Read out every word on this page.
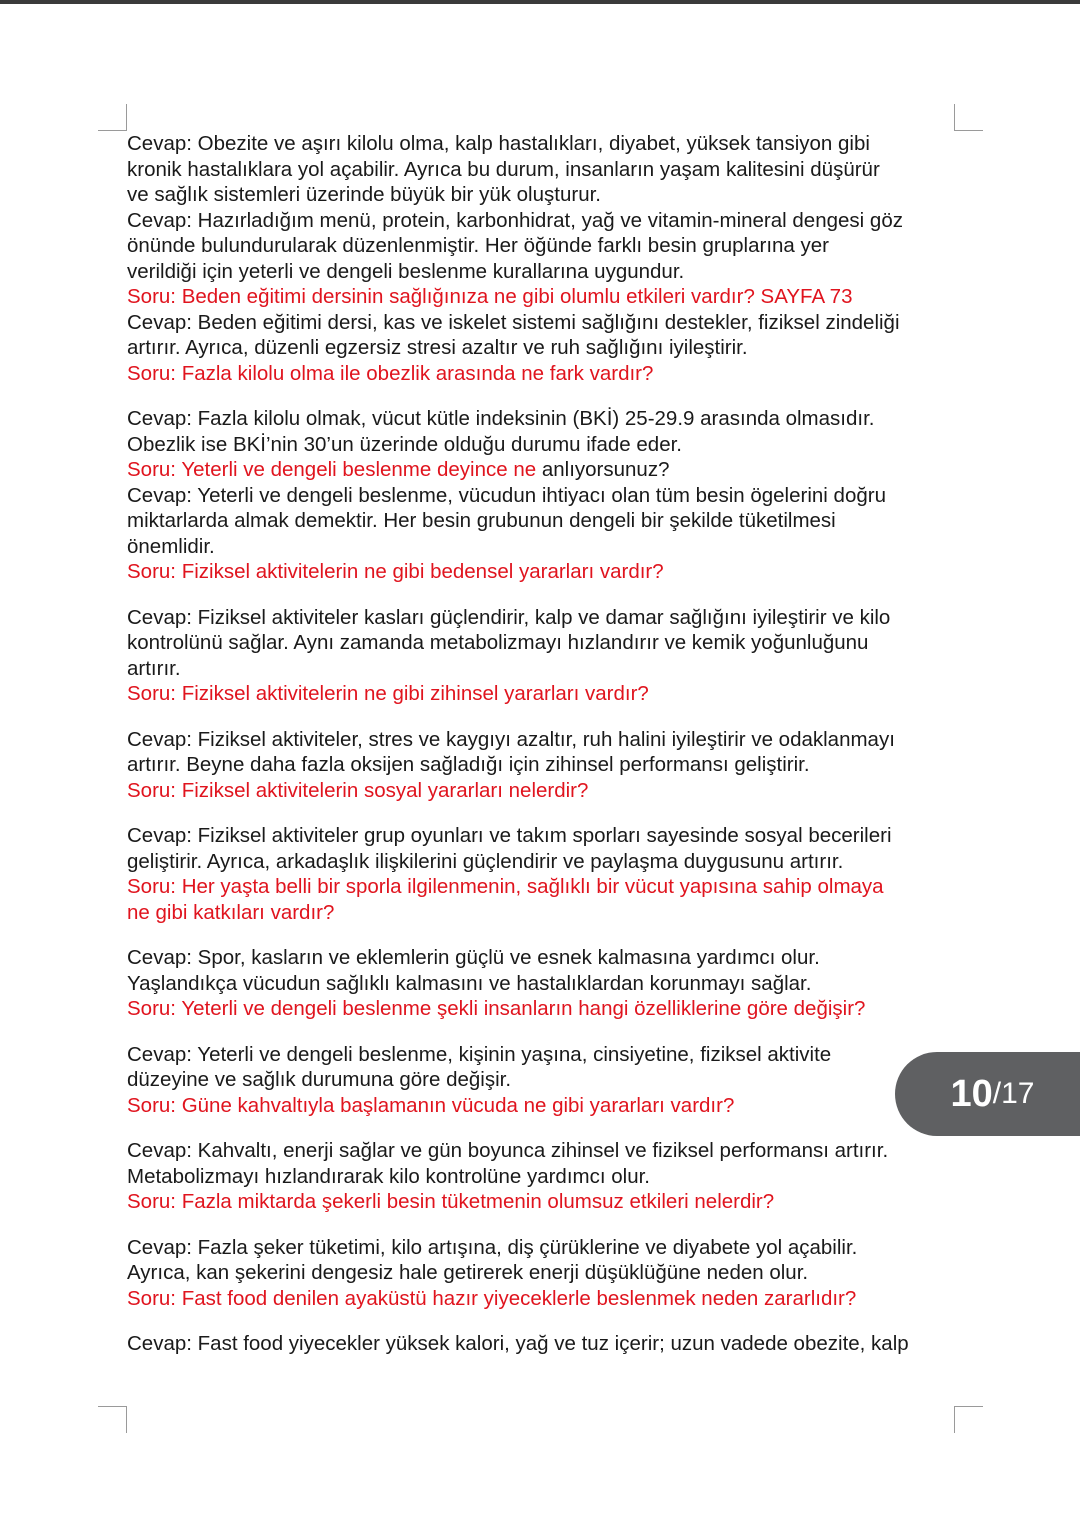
Cevap: Obezite ve aşırı kilolu olma, kalp hastalıkları, diyabet, yüksek tansiyon gibi
kronik hastalıklara yol açabilir. Ayrıca bu durum, insanların yaşam kalitesini düşürür
ve sağlık sistemleri üzerinde büyük bir yük oluşturur.
Cevap: Hazırladığım menü, protein, karbonhidrat, yağ ve vitamin-mineral dengesi göz
önünde bulundurularak düzenlenmiştir. Her öğünde farklı besin gruplarına yer
verildiği için yeterli ve dengeli beslenme kurallarına uygundur.
Soru: Beden eğitimi dersinin sağlığınıza ne gibi olumlu etkileri vardır? SAYFA 73
Cevap: Beden eğitimi dersi, kas ve iskelet sistemi sağlığını destekler, fiziksel zindeliği
artırır. Ayrıca, düzenli egzersiz stresi azaltır ve ruh sağlığını iyileştirir.
Soru: Fazla kilolu olma ile obezlik arasında ne fark vardır?
Cevap: Fazla kilolu olmak, vücut kütle indeksinin (BKİ) 25-29.9 arasında olmasıdır.
Obezlik ise BKİ’nin 30’un üzerinde olduğu durumu ifade eder.
Soru: Yeterli ve dengeli beslenme deyince ne anlıyorsunuz?
Cevap: Yeterli ve dengeli beslenme, vücudun ihtiyacı olan tüm besin ögelerini doğru
miktarlarda almak demektir. Her besin grubunun dengeli bir şekilde tüketilmesi
önemlidir.
Soru: Fiziksel aktivitelerin ne gibi bedensel yararları vardır?
Cevap: Fiziksel aktiviteler kasları güçlendirir, kalp ve damar sağlığını iyileştirir ve kilo
kontrolünü sağlar. Aynı zamanda metabolizmayı hızlandırır ve kemik yoğunluğunu
artırır.
Soru: Fiziksel aktivitelerin ne gibi zihinsel yararları vardır?
Cevap: Fiziksel aktiviteler, stres ve kaygıyı azaltır, ruh halini iyileştirir ve odaklanmayı
artırır. Beyne daha fazla oksijen sağladığı için zihinsel performansı geliştirir.
Soru: Fiziksel aktivitelerin sosyal yararları nelerdir?
Cevap: Fiziksel aktiviteler grup oyunları ve takım sporları sayesinde sosyal becerileri
geliştirir. Ayrıca, arkadaşlık ilişkilerini güçlendirir ve paylaşma duygusunu artırır.
Soru: Her yaşta belli bir sporla ilgilenmenin, sağlıklı bir vücut yapısına sahip olmaya
ne gibi katkıları vardır?
Cevap: Spor, kasların ve eklemlerin güçlü ve esnek kalmasına yardımcı olur.
Yaşlandıkça vücudun sağlıklı kalmasını ve hastalıklardan korunmayı sağlar.
Soru: Yeterli ve dengeli beslenme şekli insanların hangi özelliklerine göre değişir?
Cevap: Yeterli ve dengeli beslenme, kişinin yaşına, cinsiyetine, fiziksel aktivite
düzeyine ve sağlık durumuna göre değişir.
Soru: Güne kahvaltıyla başlamanın vücuda ne gibi yararları vardır?
Cevap: Kahvaltı, enerji sağlar ve gün boyunca zihinsel ve fiziksel performansı artırır.
Metabolizmayı hızlandırarak kilo kontrolüne yardımcı olur.
Soru: Fazla miktarda şekerli besin tüketmenin olumsuz etkileri nelerdir?
Cevap: Fazla şeker tüketimi, kilo artışına, diş çürüklerine ve diyabete yol açabilir.
Ayrıca, kan şekerini dengesiz hale getirerek enerji düşüklüğüne neden olur.
Soru: Fast food denilen ayaküstü hazır yiyeceklerle beslenmek neden zararlıdır?
Cevap: Fast food yiyecekler yüksek kalori, yağ ve tuz içerir; uzun vadede obezite, kalp
10 / 17
